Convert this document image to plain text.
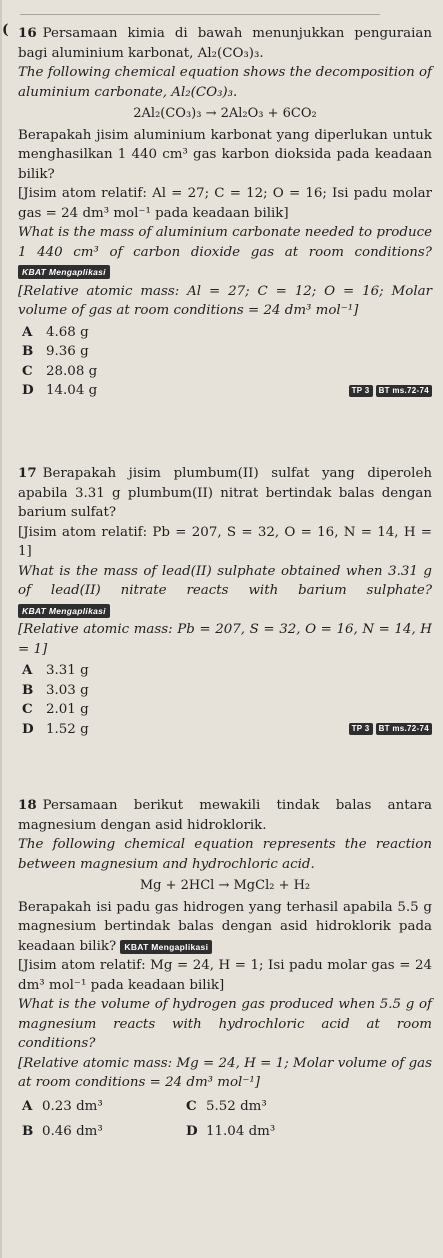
( 16 Persamaan kimia di bawah menunjukkan penguraian bagi aluminium karbonat, Al₂(CO₃)₃.

The following chemical equation shows the decomposition of aluminium carbonate, Al₂(CO₃)₃.

2Al₂(CO₃)₃ → 2Al₂O₃ + 6CO₂

Berapakah jisim aluminium karbonat yang diperlukan untuk menghasilkan 1 440 cm³ gas karbon dioksida pada keadaan bilik?

[Jisim atom relatif: Al = 27; C = 12; O = 16; Isi padu molar gas = 24 dm³ mol⁻¹ pada keadaan bilik]

What is the mass of aluminium carbonate needed to produce 1 440 cm³ of carbon dioxide gas at room conditions? KBAT Mengaplikasi

[Relative atomic mass: Al = 27; C = 12; O = 16; Molar volume of gas at room conditions = 24 dm³ mol⁻¹]

A	4.68 g
B 9.36 g
C 28.08 g
D 14.04 g	TP 3	BT ms.72-74

17 Berapakah jisim plumbum(II) sulfat yang diperoleh apabila 3.31 g plumbum(II) nitrat bertindak balas dengan barium sulfat?

[Jisim atom relatif: Pb = 207, S = 32, O = 16, N = 14, H = 1]

What is the mass of lead(II) sulphate obtained when 3.31 g of lead(II) nitrate reacts with barium sulphate? KBAT Mengaplikasi

[Relative atomic mass: Pb = 207, S = 32, O = 16, N = 14, H = 1]

A	3.31 g
B 3.03 g
C 2.01 g
D 1.52 g	TP 3	BT ms.72-74

18 Persamaan berikut mewakili tindak balas antara magnesium dengan asid hidroklorik.

The following chemical equation represents the reaction between magnesium and hydrochloric acid.

Mg + 2HCl → MgCl₂ + H₂

Berapakah isi padu gas hidrogen yang terhasil apabila 5.5 g magnesium bertindak balas dengan asid hidroklorik pada keadaan bilik? KBAT Mengaplikasi

[Jisim atom relatif: Mg = 24, H = 1; Isi padu molar gas = 24 dm³ mol⁻¹ pada keadaan bilik]

What is the volume of hydrogen gas produced when 5.5 g of magnesium reacts with hydrochloric acid at room conditions?

[Relative atomic mass: Mg = 24, H = 1; Molar volume of gas at room conditions = 24 dm³ mol⁻¹]

A 0.23 dm³	C 5.52 dm³
B 0.46 dm³	D 11.04 dm³
